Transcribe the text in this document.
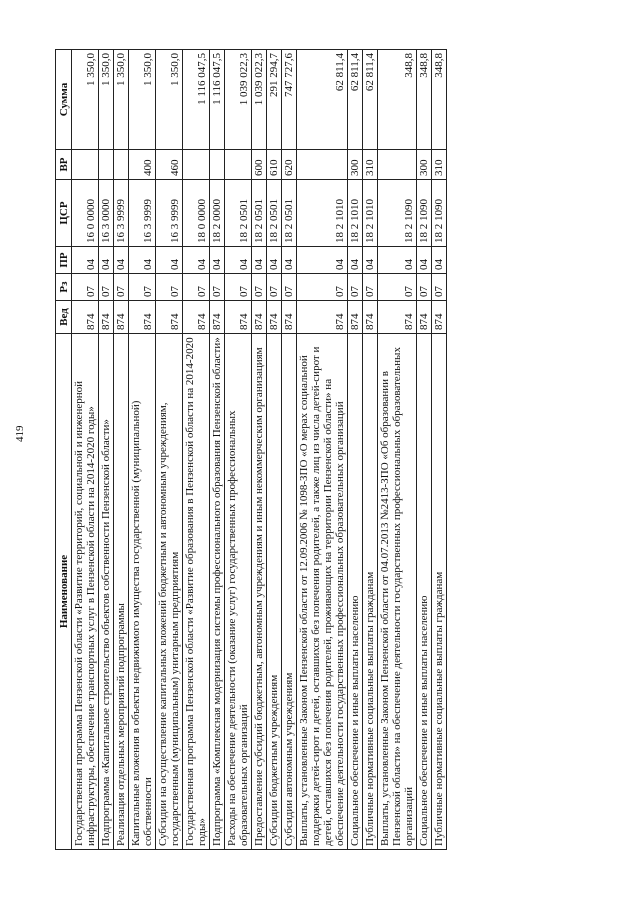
419
Наименование	Вед	Рз	ПР	ЦСР	ВР	Сумма
Государственная программа Пензенской области «Развитие территорий, социальной и инженерной инфраструктуры, обеспечение транспортных услуг в Пензенской области на 2014-2020 годы»	874	07	04	16 0 0000		1 350,0
Подпрограмма «Капитальное строительство объектов собственности Пензенской области»	874	07	04	16 3 0000		1 350,0
Реализация отдельных мероприятий подпрограммы	874	07	04	16 3 9999		1 350,0
Капитальные вложения в объекты недвижимого имущества государственной (муниципальной) собственности	874	07	04	16 3 9999	400	1 350,0
Субсидии на осуществление капитальных вложений бюджетным и автономным учреждениям, государственным (муниципальным) унитарным предприятиям	874	07	04	16 3 9999	460	1 350,0
Государственная программа Пензенской области «Развитие образования в Пензенской области на 2014-2020 годы»	874	07	04	18 0 0000		1 116 047,5
Подпрограмма «Комплексная модернизация системы профессионального образования Пензенской области»	874	07	04	18 2 0000		1 116 047,5
Расходы на обеспечение деятельности (оказание услуг) государственных профессиональных образовательных организаций	874	07	04	18 2 0501		1 039 022,3
Предоставление субсидий бюджетным, автономным учреждениям и иным некоммерческим организациям	874	07	04	18 2 0501	600	1 039 022,3
Субсидии бюджетным учреждениям	874	07	04	18 2 0501	610	291 294,7
Субсидии автономным учреждениям	874	07	04	18 2 0501	620	747 727,6
Выплаты, установленные Законом Пензенской области от 12.09.2006 № 1098-ЗПО «О мерах социальной поддержки детей-сирот и детей, оставшихся без попечения родителей, а также лиц из числа детей-сирот и детей, оставшихся без попечения родителей, проживающих на территории Пензенской области» на обеспечение деятельности государственных профессиональных образовательных организаций	874	07	04	18 2 1010		62 811,4
Социальное обеспечение и иные выплаты населению	874	07	04	18 2 1010	300	62 811,4
Публичные нормативные социальные выплаты гражданам	874	07	04	18 2 1010	310	62 811,4
Выплаты, установленные Законом Пензенской области от 04.07.2013 №2413-ЗПО «Об образовании в Пензенской области» на обеспечение деятельности государственных профессиональных образовательных организаций	874	07	04	18 2 1090		348,8
Социальное обеспечение и иные выплаты населению	874	07	04	18 2 1090	300	348,8
Публичные нормативные социальные выплаты гражданам	874	07	04	18 2 1090	310	348,8
